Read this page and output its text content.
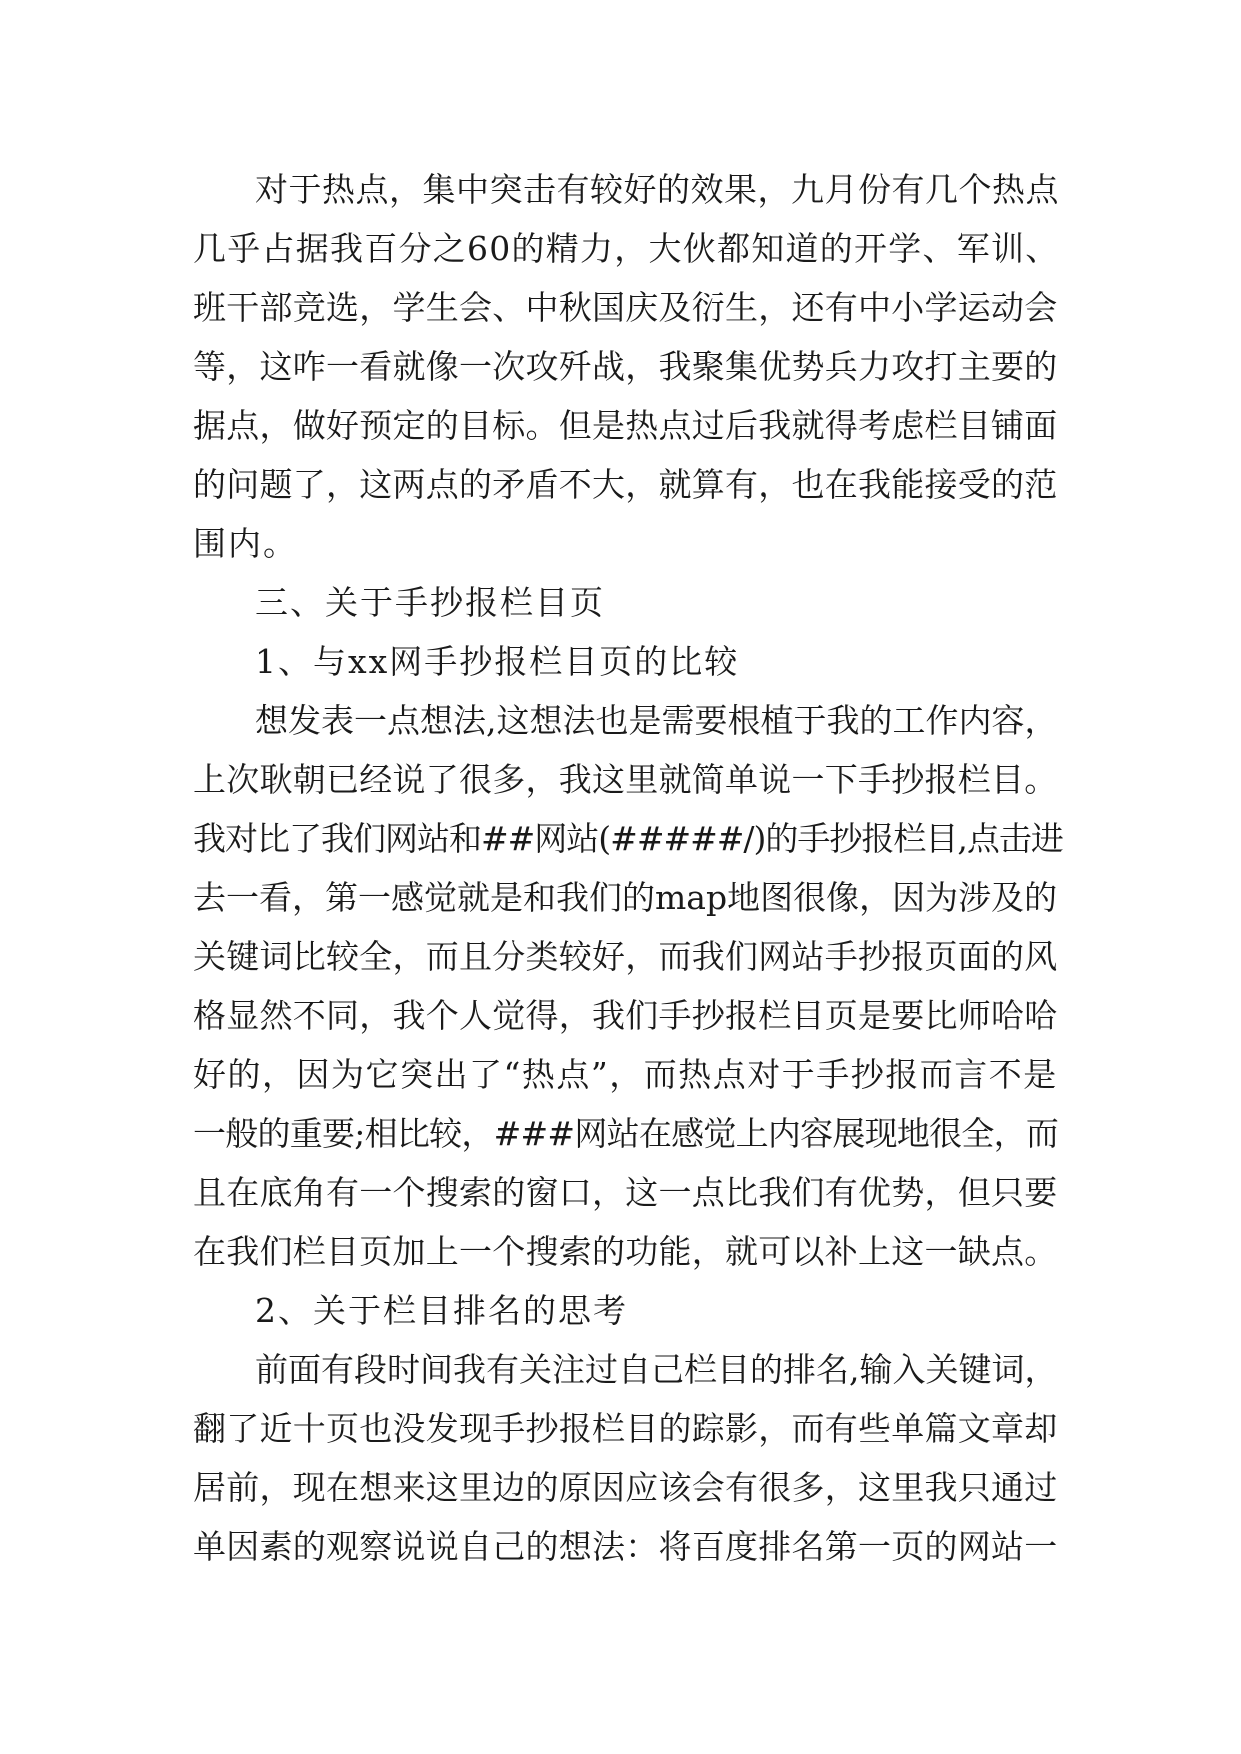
对于热点，集中突击有较好的效果，九月份有几个热点
几乎占据我百分之60的精力，大伙都知道的开学、军训、
班干部竞选，学生会、中秋国庆及衍生，还有中小学运动会
等，这咋一看就像一次攻歼战，我聚集优势兵力攻打主要的
据点，做好预定的目标。但是热点过后我就得考虑栏目铺面
的问题了，这两点的矛盾不大，就算有，也在我能接受的范
围内。
三、关于手抄报栏目页
1、与xx网手抄报栏目页的比较
想发表一点想法,这想法也是需要根植于我的工作内容，
上次耿朝已经说了很多，我这里就简单说一下手抄报栏目。
我对比了我们网站和##网站(#####/)的手抄报栏目,点击进
去一看，第一感觉就是和我们的map地图很像，因为涉及的
关键词比较全，而且分类较好，而我们网站手抄报页面的风
格显然不同，我个人觉得，我们手抄报栏目页是要比师哈哈
好的，因为它突出了“热点”，而热点对于手抄报而言不是
一般的重要;相比较，###网站在感觉上内容展现地很全，而
且在底角有一个搜索的窗口，这一点比我们有优势，但只要
在我们栏目页加上一个搜索的功能，就可以补上这一缺点。
2、关于栏目排名的思考
前面有段时间我有关注过自己栏目的排名,输入关键词，
翻了近十页也没发现手抄报栏目的踪影，而有些单篇文章却
居前，现在想来这里边的原因应该会有很多，这里我只通过
单因素的观察说说自己的想法：将百度排名第一页的网站一
